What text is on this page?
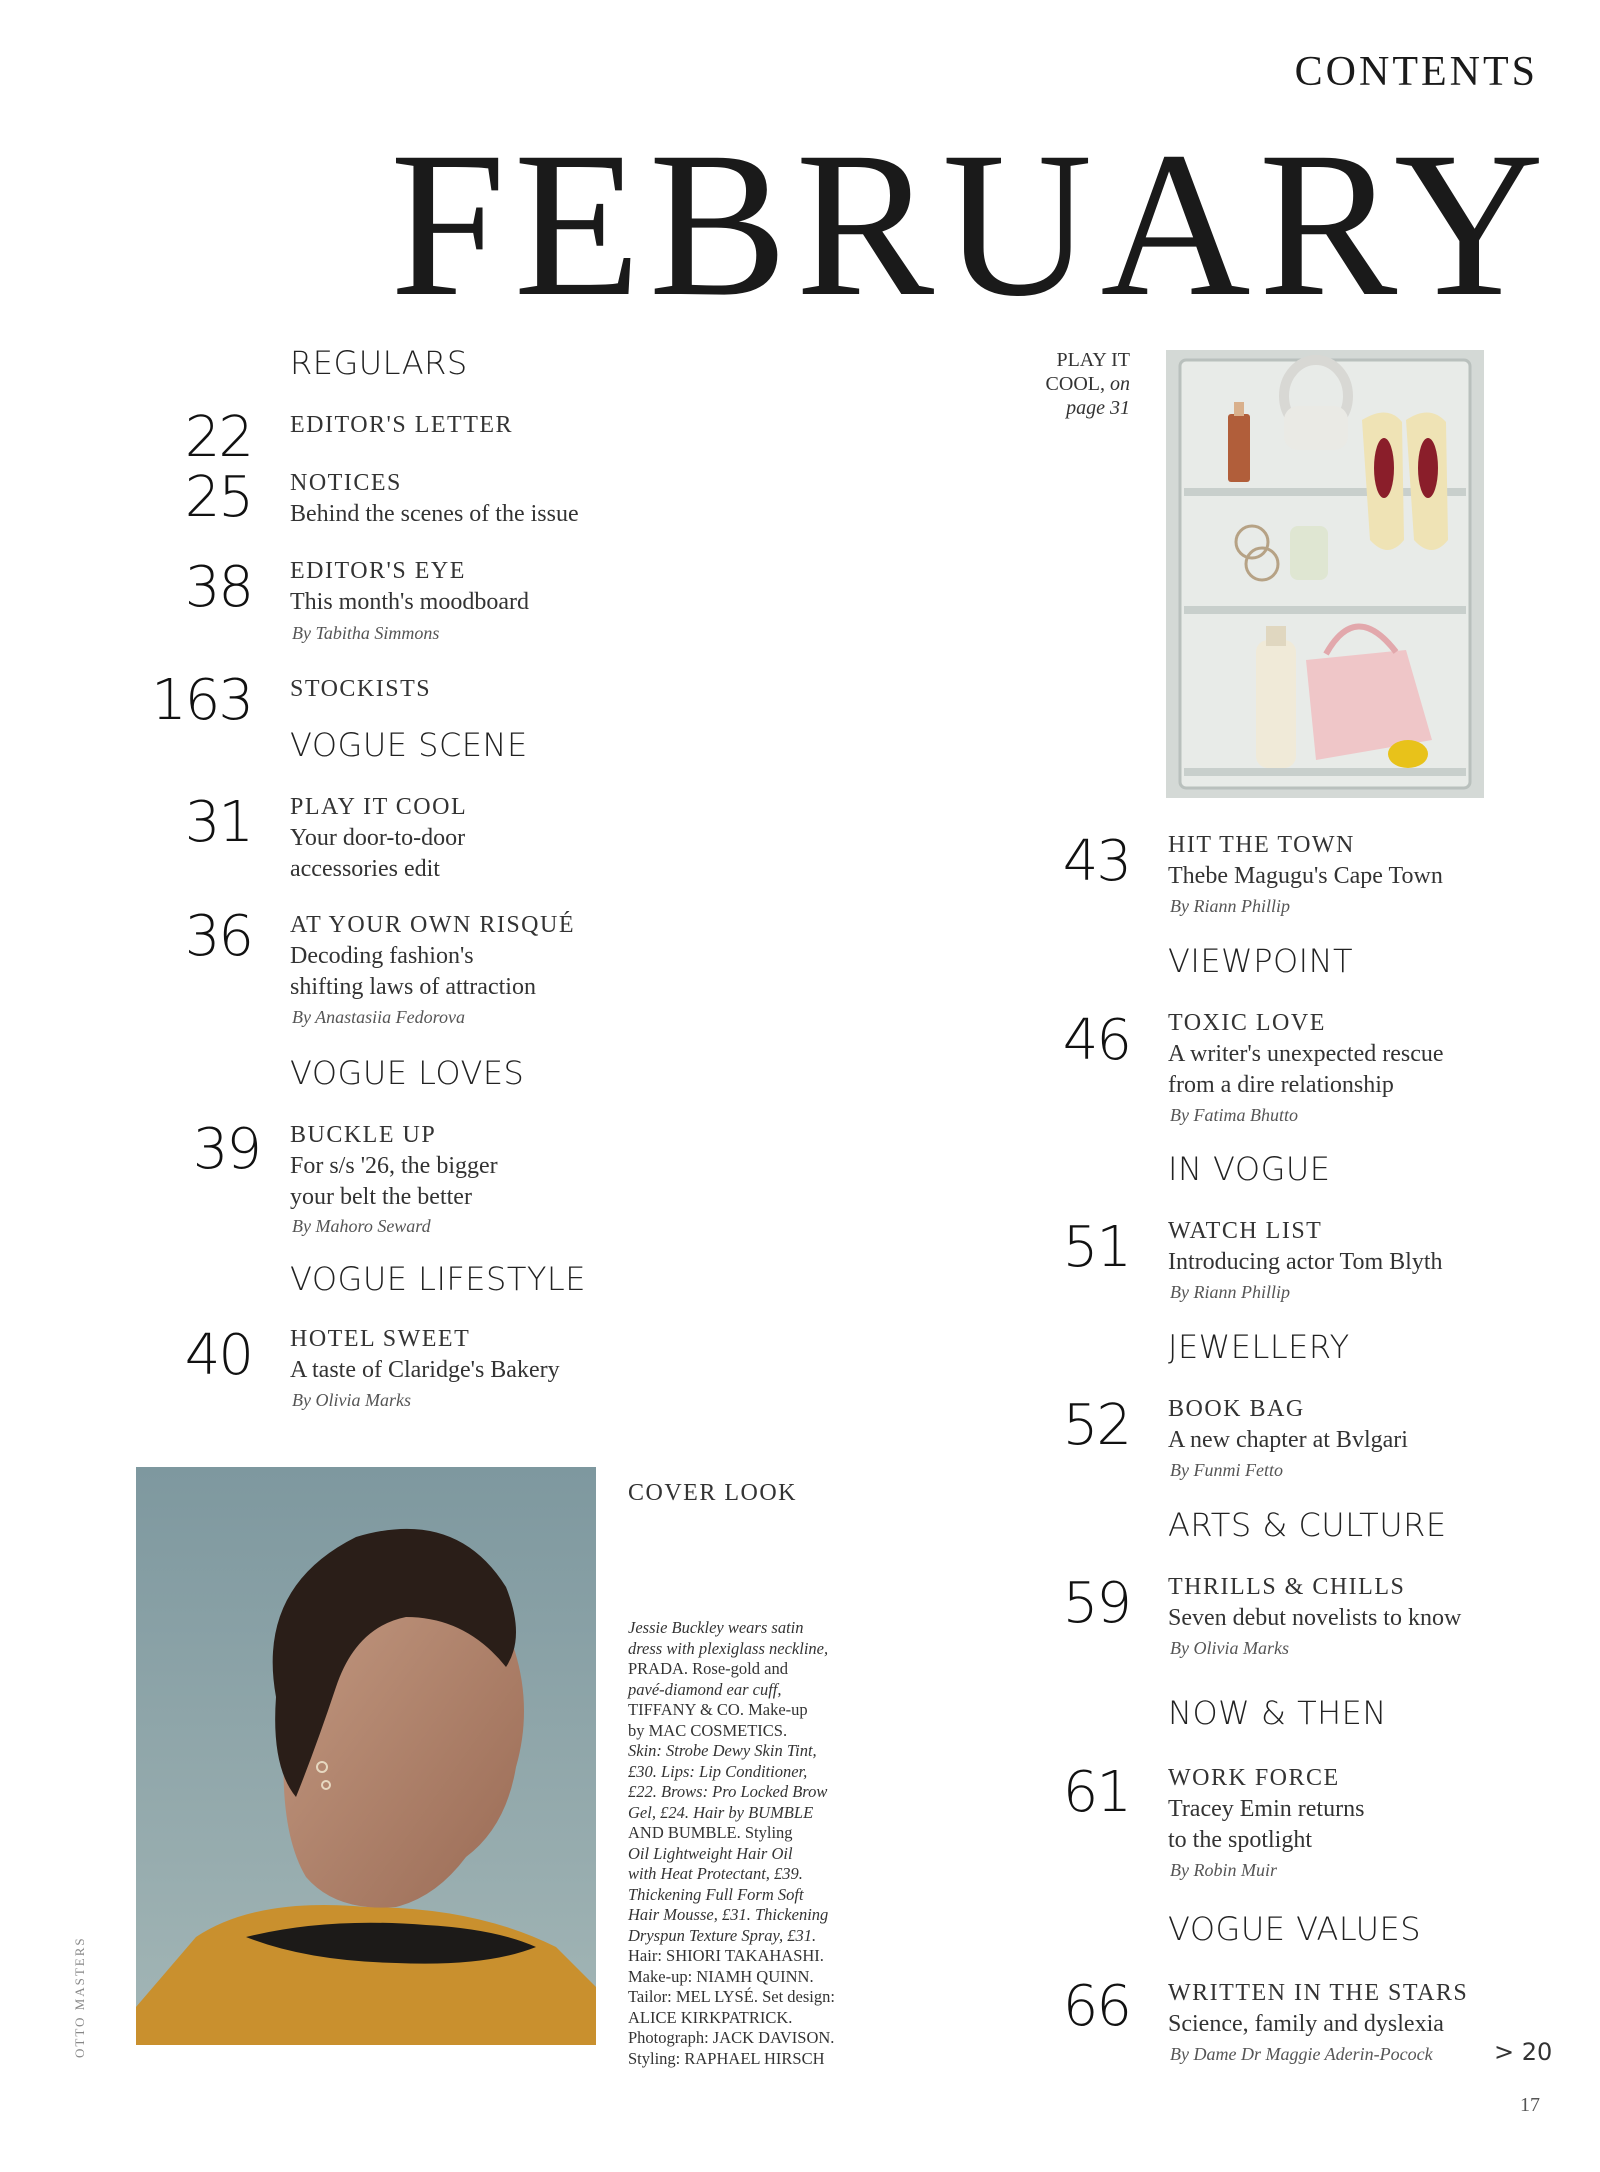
CONTENTS
FEBRUARY
REGULARS
22 EDITOR'S LETTER
25 NOTICES
Behind the scenes of the issue
38 EDITOR'S EYE
This month's moodboard
By Tabitha Simmons
163 STOCKISTS
VOGUE SCENE
31 PLAY IT COOL
Your door-to-door
accessories edit
36 AT YOUR OWN RISQUÉ
Decoding fashion's
shifting laws of attraction
By Anastasiia Fedorova
VOGUE LOVES
39 BUCKLE UP
For s/s '26, the bigger
your belt the better
By Mahoro Seward
VOGUE LIFESTYLE
40 HOTEL SWEET
A taste of Claridge's Bakery
By Olivia Marks
COVER LOOK
Jessie Buckley wears satin
dress with plexiglass neckline,
PRADA. Rose-gold and
pavé-diamond ear cuff,
TIFFANY & CO. Make-up
by MAC COSMETICS.
Skin: Strobe Dewy Skin Tint,
£30. Lips: Lip Conditioner,
£22. Brows: Pro Locked Brow
Gel, £24. Hair by BUMBLE
AND BUMBLE. Styling
Oil Lightweight Hair Oil
with Heat Protectant, £39.
Thickening Full Form Soft
Hair Mousse, £31. Thickening
Dryspun Texture Spray, £31.
Hair: SHIORI TAKAHASHI.
Make-up: NIAMH QUINN.
Tailor: MEL LYSÉ. Set design:
ALICE KIRKPATRICK.
Photograph: JACK DAVISON.
Styling: RAPHAEL HIRSCH
OTTO MASTERS
PLAY IT
COOL, on
page 31
43 HIT THE TOWN
Thebe Magugu's Cape Town
By Riann Phillip
VIEWPOINT
46 TOXIC LOVE
A writer's unexpected rescue
from a dire relationship
By Fatima Bhutto
IN VOGUE
51 WATCH LIST
Introducing actor Tom Blyth
By Riann Phillip
JEWELLERY
52 BOOK BAG
A new chapter at Bvlgari
By Funmi Fetto
ARTS & CULTURE
59 THRILLS & CHILLS
Seven debut novelists to know
By Olivia Marks
NOW & THEN
61 WORK FORCE
Tracey Emin returns
to the spotlight
By Robin Muir
VOGUE VALUES
66 WRITTEN IN THE STARS
Science, family and dyslexia
By Dame Dr Maggie Aderin-Pocock	> 20
17
